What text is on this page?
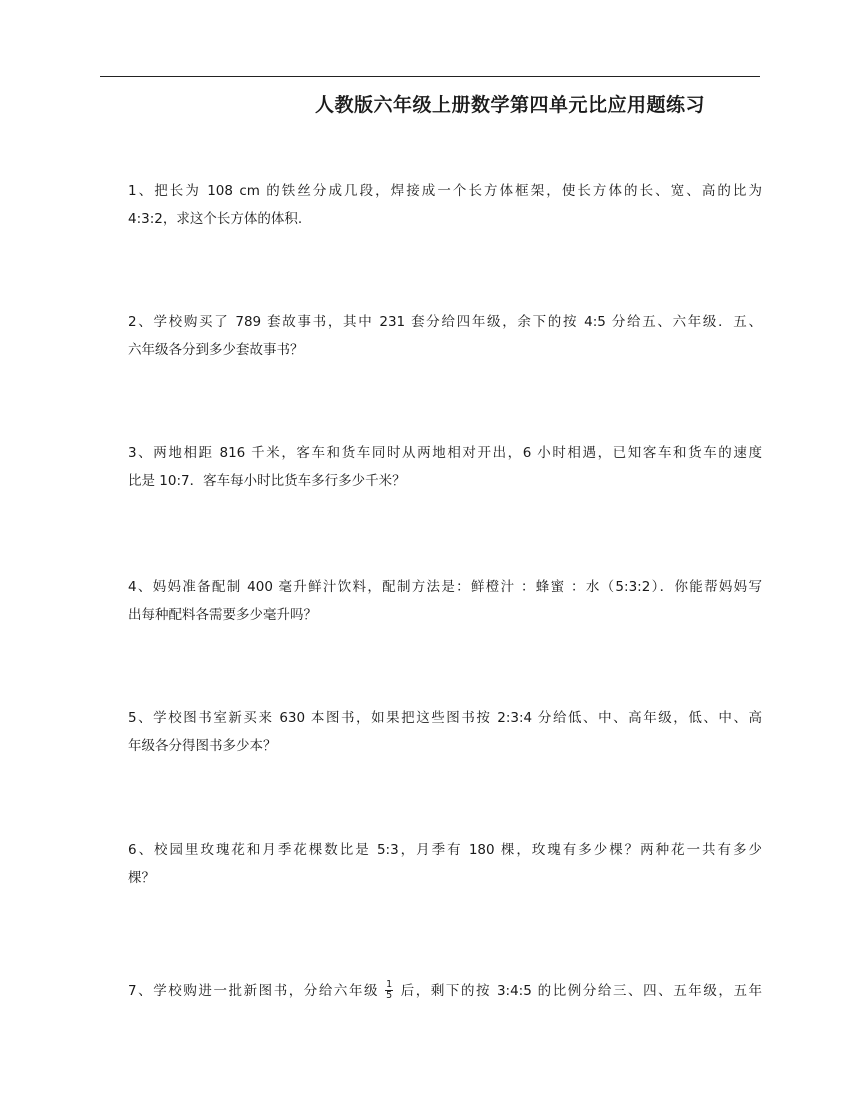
人教版六年级上册数学第四单元比应用题练习
1、把长为 108 cm 的铁丝分成几段，焊接成一个长方体框架，使长方体的长、宽、高的比为
4:3:2，求这个长方体的体积.
2、学校购买了 789 套故事书，其中 231 套分给四年级，余下的按 4:5 分给五、六年级．五、
六年级各分到多少套故事书？
3、两地相距 816 千米，客车和货车同时从两地相对开出，6 小时相遇，已知客车和货车的速度
比是 10:7．客车每小时比货车多行多少千米？
4、妈妈准备配制 400 毫升鲜汁饮料，配制方法是：鲜橙汁 ：蜂蜜 ：水（5:3:2）．你能帮妈妈写
出每种配料各需要多少毫升吗？
5、学校图书室新买来 630 本图书，如果把这些图书按 2:3:4 分给低、中、高年级，低、中、高
年级各分得图书多少本？
6、校园里玫瑰花和月季花棵数比是 5:3，月季有 180 棵，玫瑰有多少棵？两种花一共有多少
棵？
7、学校购进一批新图书，分给六年级 $\frac{1}{5}$ 后，剩下的按 3:4:5 的比例分给三、四、五年级，五年
